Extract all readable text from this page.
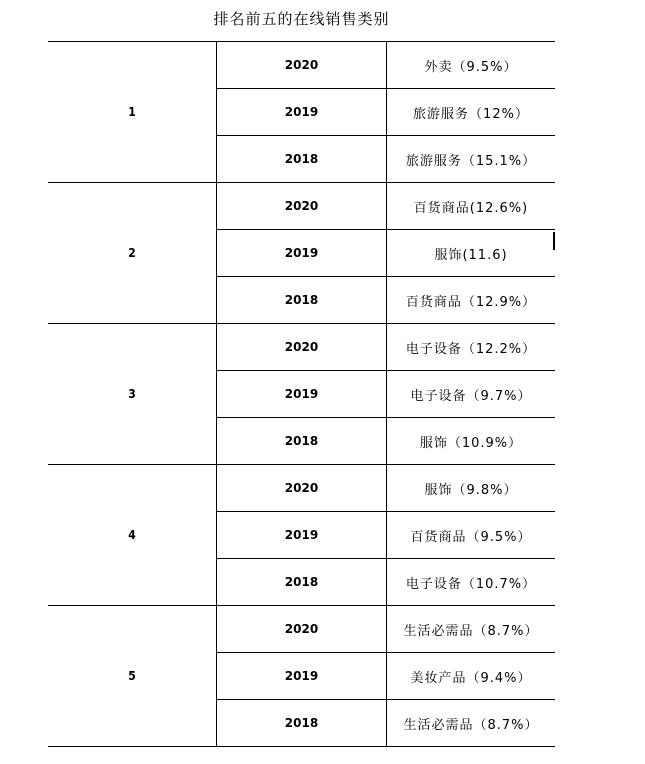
排名前五的在线销售类别
1	2020	外卖（9.5%）
	2019	旅游服务（12%）
	2018	旅游服务（15.1%）
2	2020	百货商品(12.6%)
	2019	服饰(11.6)
	2018	百货商品（12.9%）
3	2020	电子设备（12.2%）
	2019	电子设备（9.7%）
	2018	服饰（10.9%）
4	2020	服饰（9.8%）
	2019	百货商品（9.5%）
	2018	电子设备（10.7%）
5	2020	生活必需品（8.7%）
	2019	美妆产品（9.4%）
	2018	生活必需品（8.7%）
